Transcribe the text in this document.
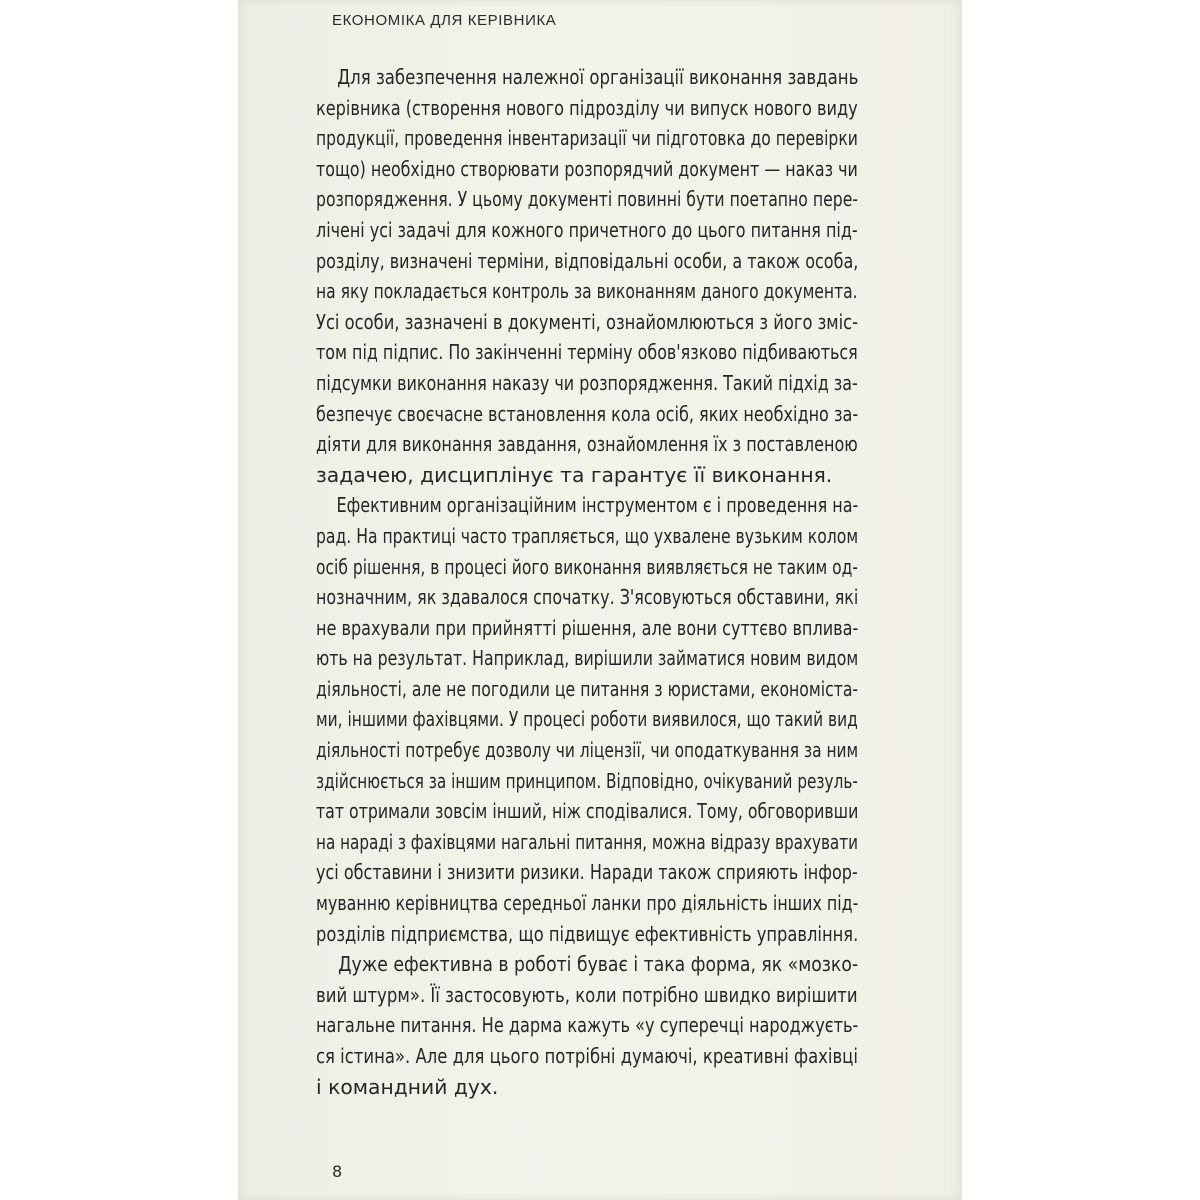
ЕКОНОМІКА ДЛЯ КЕРІВНИКА
Для забезпечення належної організації виконання завдань
керівника (створення нового підрозділу чи випуск нового виду
продукції, проведення інвентаризації чи підготовка до перевірки
тощо) необхідно створювати розпорядчий документ — наказ чи
розпорядження. У цьому документі повинні бути поетапно пере-
лічені усі задачі для кожного причетного до цього питання під-
розділу, визначені терміни, відповідальні особи, а також особа,
на яку покладається контроль за виконанням даного документа.
Усі особи, зазначені в документі, ознайомлюються з його зміс-
том під підпис. По закінченні терміну обов'язково підбиваються
підсумки виконання наказу чи розпорядження. Такий підхід за-
безпечує своєчасне встановлення кола осіб, яких необхідно за-
діяти для виконання завдання, ознайомлення їх з поставленою
задачею, дисциплінує та гарантує її виконання.
Ефективним організаційним інструментом є і проведення на-
рад. На практиці часто трапляється, що ухвалене вузьким колом
осіб рішення, в процесі його виконання виявляється не таким од-
нозначним, як здавалося спочатку. З'ясовуються обставини, які
не врахували при прийнятті рішення, але вони суттєво вплива-
ють на результат. Наприклад, вирішили займатися новим видом
діяльності, але не погодили це питання з юристами, економіста-
ми, іншими фахівцями. У процесі роботи виявилося, що такий вид
діяльності потребує дозволу чи ліцензії, чи оподаткування за ним
здійснюється за іншим принципом. Відповідно, очікуваний резуль-
тат отримали зовсім інший, ніж сподівалися. Тому, обговоривши
на нараді з фахівцями нагальні питання, можна відразу врахувати
усі обставини і знизити ризики. Наради також сприяють інфор-
муванню керівництва середньої ланки про діяльність інших під-
розділів підприємства, що підвищує ефективність управління.
Дуже ефективна в роботі буває і така форма, як «мозко-
вий штурм». Її застосовують, коли потрібно швидко вирішити
нагальне питання. Не дарма кажуть «у суперечці народжуєть-
ся істина». Але для цього потрібні думаючі, креативні фахівці
і командний дух.
8
